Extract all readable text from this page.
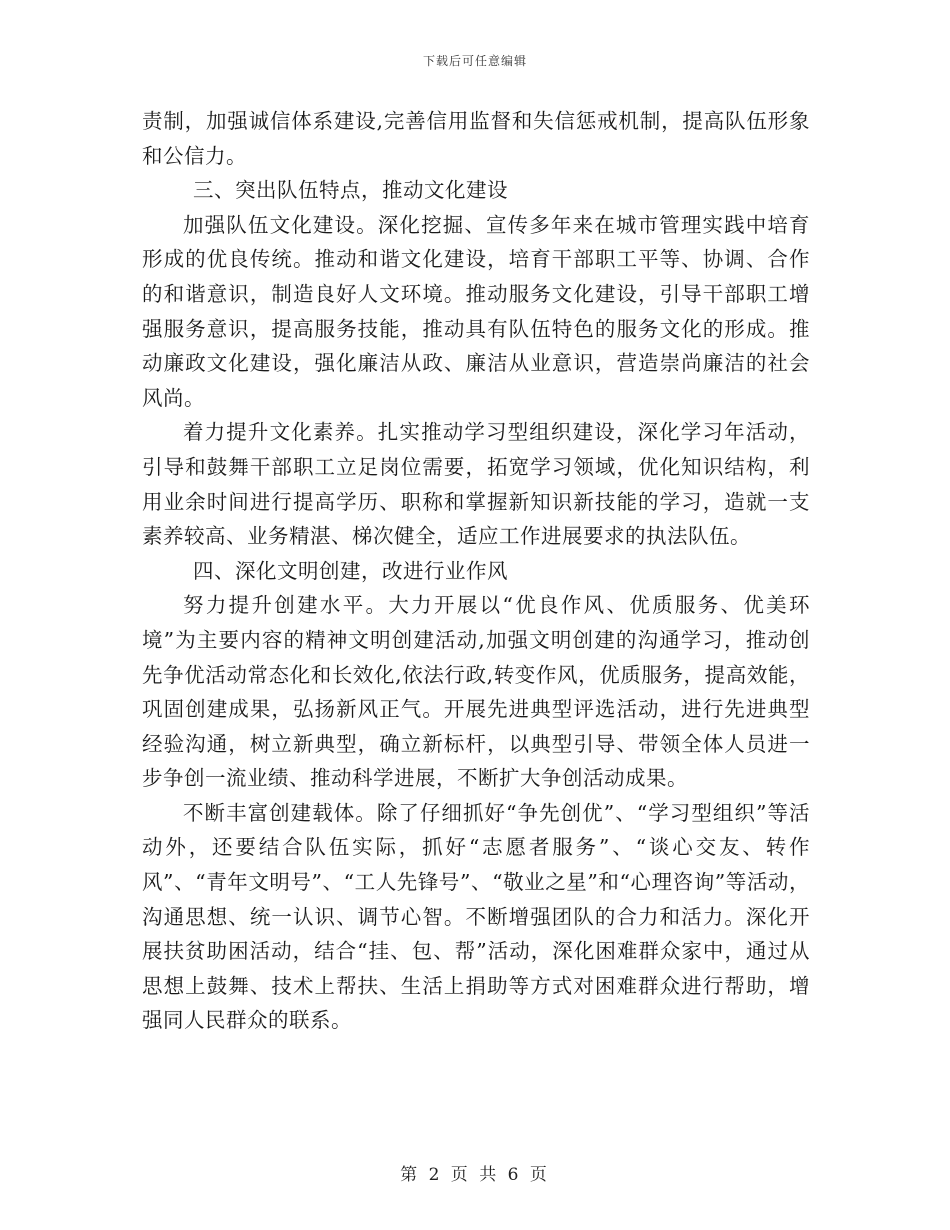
下载后可任意编辑

责制，加强诚信体系建设,完善信用监督和失信惩戒机制，提高队伍形象和公信力。

三、突出队伍特点，推动文化建设

加强队伍文化建设。深化挖掘、宣传多年来在城市管理实践中培育形成的优良传统。推动和谐文化建设，培育干部职工平等、协调、合作的和谐意识，制造良好人文环境。推动服务文化建设，引导干部职工增强服务意识，提高服务技能，推动具有队伍特色的服务文化的形成。推动廉政文化建设，强化廉洁从政、廉洁从业意识，营造崇尚廉洁的社会风尚。

着力提升文化素养。扎实推动学习型组织建设，深化学习年活动，引导和鼓舞干部职工立足岗位需要，拓宽学习领域，优化知识结构，利用业余时间进行提高学历、职称和掌握新知识新技能的学习，造就一支素养较高、业务精湛、梯次健全，适应工作进展要求的执法队伍。

四、深化文明创建，改进行业作风

努力提升创建水平。大力开展以“优良作风、优质服务、优美环境”为主要内容的精神文明创建活动,加强文明创建的沟通学习，推动创先争优活动常态化和长效化,依法行政,转变作风，优质服务，提高效能，巩固创建成果，弘扬新风正气。开展先进典型评选活动，进行先进典型经验沟通，树立新典型，确立新标杆，以典型引导、带领全体人员进一步争创一流业绩、推动科学进展，不断扩大争创活动成果。

不断丰富创建载体。除了仔细抓好“争先创优”、“学习型组织”等活动外，还要结合队伍实际，抓好“志愿者服务”、“谈心交友、转作风”、“青年文明号”、“工人先锋号”、“敬业之星”和“心理咨询”等活动，沟通思想、统一认识、调节心智。不断增强团队的合力和活力。深化开展扶贫助困活动，结合“挂、包、帮”活动，深化困难群众家中，通过从思想上鼓舞、技术上帮扶、生活上捐助等方式对困难群众进行帮助，增强同人民群众的联系。

第 2 页 共 6 页
